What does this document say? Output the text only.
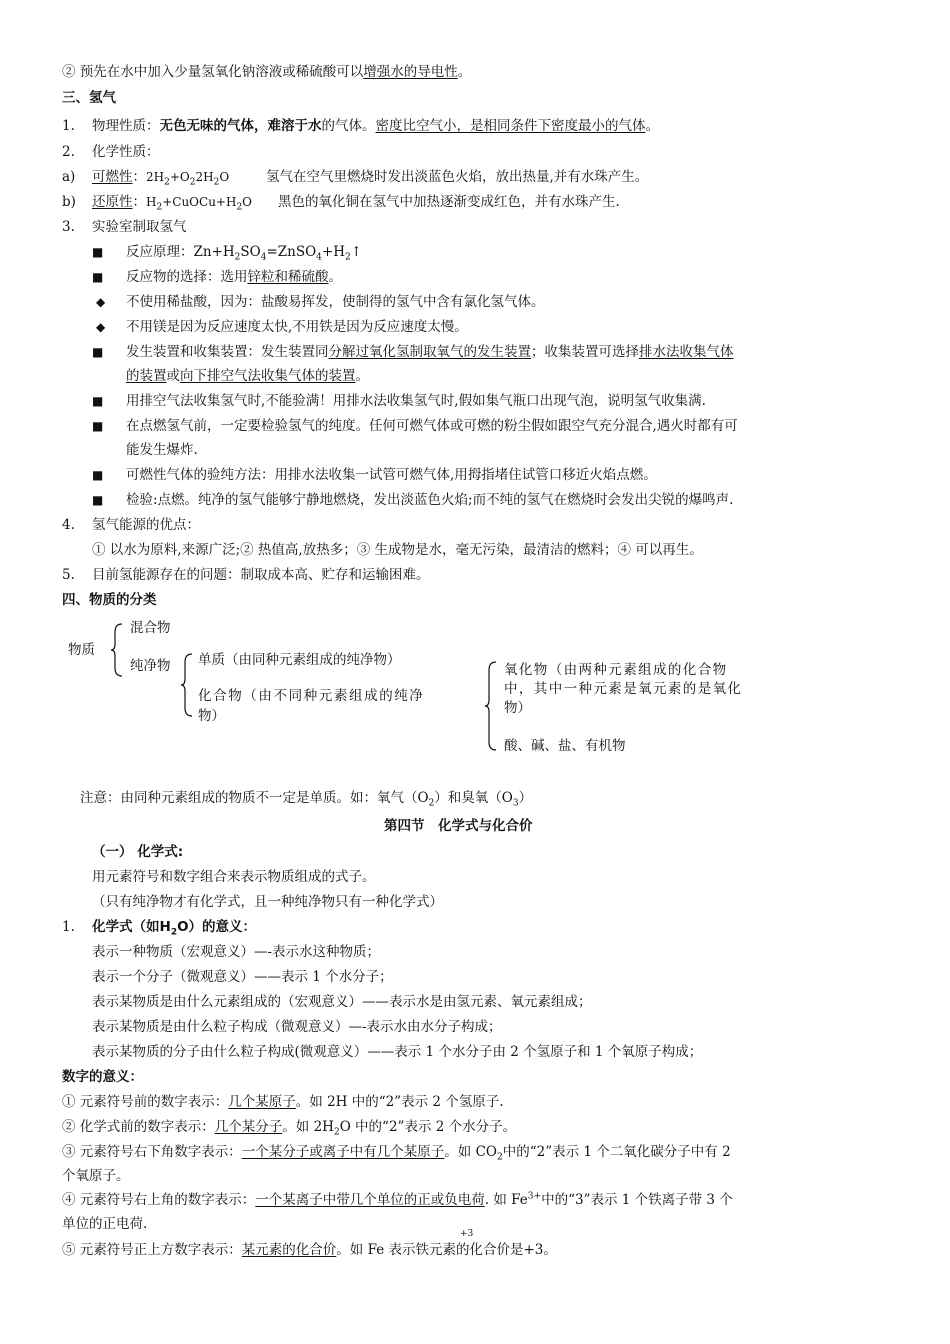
② 预先在水中加入少量氢氧化钠溶液或稀硫酸可以增强水的导电性。
三、氢气
1. 物理性质：无色无味的气体，难溶于水的气体。密度比空气小，是相同条件下密度最小的气体。
2. 化学性质：
a) 可燃性：$2H_2+O_22H_2O$	氢气在空气里燃烧时发出淡蓝色火焰，放出热量,并有水珠产生。
b) 还原性：$H_2+CuOCu+H_2O$ 黑色的氧化铜在氢气中加热逐渐变成红色，并有水珠产生.
3. 实验室制取氢气
■ 反应原理：$Zn+H_2SO_4=ZnSO_4+H_2↑$
■ 反应物的选择：选用锌粒和稀硫酸。
◆ 不使用稀盐酸，因为：盐酸易挥发，使制得的氢气中含有氯化氢气体。
◆ 不用镁是因为反应速度太快,不用铁是因为反应速度太慢。
■ 发生装置和收集装置：发生装置同分解过氧化氢制取氧气的发生装置；收集装置可选择排水法收集气体
的装置或向下排空气法收集气体的装置。
■ 用排空气法收集氢气时,不能验满！用排水法收集氢气时,假如集气瓶口出现气泡，说明氢气收集满.
■ 在点燃氢气前，一定要检验氢气的纯度。任何可燃气体或可燃的粉尘假如跟空气充分混合,遇火时都有可
能发生爆炸.
■ 可燃性气体的验纯方法：用排水法收集一试管可燃气体,用拇指堵住试管口移近火焰点燃。
■ 检验:点燃。纯净的氢气能够宁静地燃烧，发出淡蓝色火焰;而不纯的氢气在燃烧时会发出尖锐的爆鸣声.
4. 氢气能源的优点：
① 以水为原料,来源广泛;② 热值高,放热多；③ 生成物是水，毫无污染，最清洁的燃料；④ 可以再生。
5. 目前氢能源存在的问题：制取成本高、贮存和运输困难。
四、物质的分类
物质
混合物
纯净物 单质（由同种元素组成的纯净物）
化合物（由不同种元素组成的纯净
物）
氧化物（由两种元素组成的化合物
中，其中一种元素是氧元素的是氧化
物）
酸、碱、盐、有机物
注意：由同种元素组成的物质不一定是单质。如：氧气$(O_2)$和臭氧$(O_3)$
第四节　化学式与化合价
（一） 化学式:
用元素符号和数字组合来表示物质组成的式子。
（只有纯净物才有化学式，且一种纯净物只有一种化学式）
1. 化学式（如$H_2O$）的意义：
表示一种物质（宏观意义）—-表示水这种物质；
表示一个分子（微观意义）——表示 1 个水分子；
表示某物质是由什么元素组成的（宏观意义）——表示水是由氢元素、氧元素组成；
表示某物质是由什么粒子构成（微观意义）—-表示水由水分子构成；
表示某物质的分子由什么粒子构成(微观意义）——表示 1 个水分子由 2 个氢原子和 1 个氧原子构成；
数字的意义：
① 元素符号前的数字表示：几个某原子。如 2H 中的“2”表示 2 个氢原子.
② 化学式前的数字表示：几个某分子。如 $2H_2O$ 中的“2”表示 2 个水分子。
③ 元素符号右下角数字表示：一个某分子或离子中有几个某原子。如 $CO_2$中的“2”表示 1 个二氧化碳分子中有 2
个氧原子。
④ 元素符号右上角的数字表示：一个某离子中带几个单位的正或负电荷. 如 $Fe^{3+}$中的“3”表示 1 个铁离子带 3 个
单位的正电荷.
+3
⑤ 元素符号正上方数字表示：某元素的化合价。如 Fe 表示铁元素的化合价是+3。
